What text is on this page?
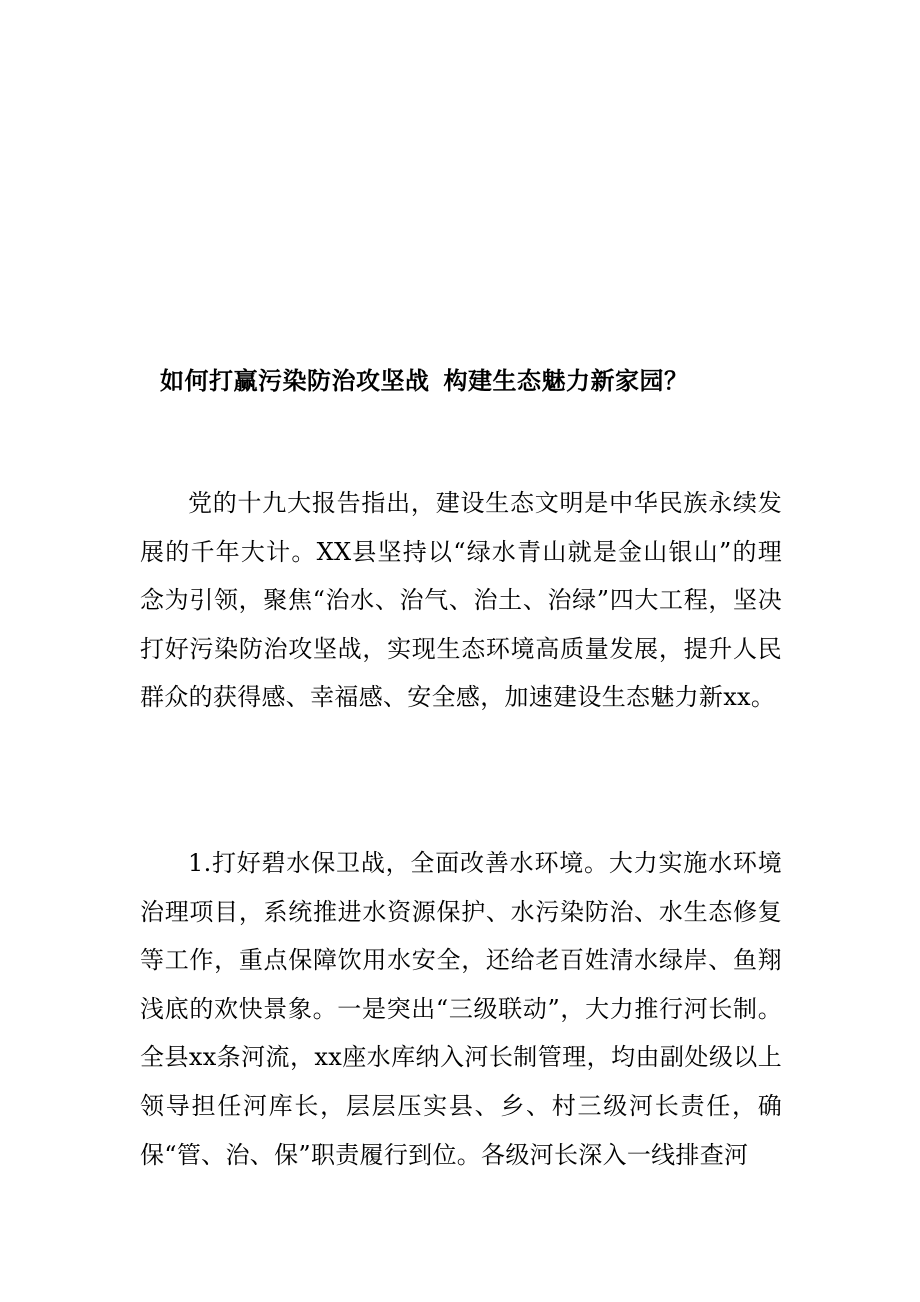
如何打赢污染防治攻坚战 构建生态魅力新家园？

党的十九大报告指出，建设生态文明是中华民族永续发展的千年大计。XX县坚持以“绿水青山就是金山银山”的理念为引领，聚焦“治水、治气、治土、治绿”四大工程，坚决打好污染防治攻坚战，实现生态环境高质量发展，提升人民群众的获得感、幸福感、安全感，加速建设生态魅力新xx。

1.打好碧水保卫战，全面改善水环境。大力实施水环境治理项目，系统推进水资源保护、水污染防治、水生态修复等工作，重点保障饮用水安全，还给老百姓清水绿岸、鱼翔浅底的欢快景象。一是突出“三级联动”，大力推行河长制。全县xx条河流，xx座水库纳入河长制管理，均由副处级以上领导担任河库长，层层压实县、乡、村三级河长责任，确保“管、治、保”职责履行到位。各级河长深入一线排查河
